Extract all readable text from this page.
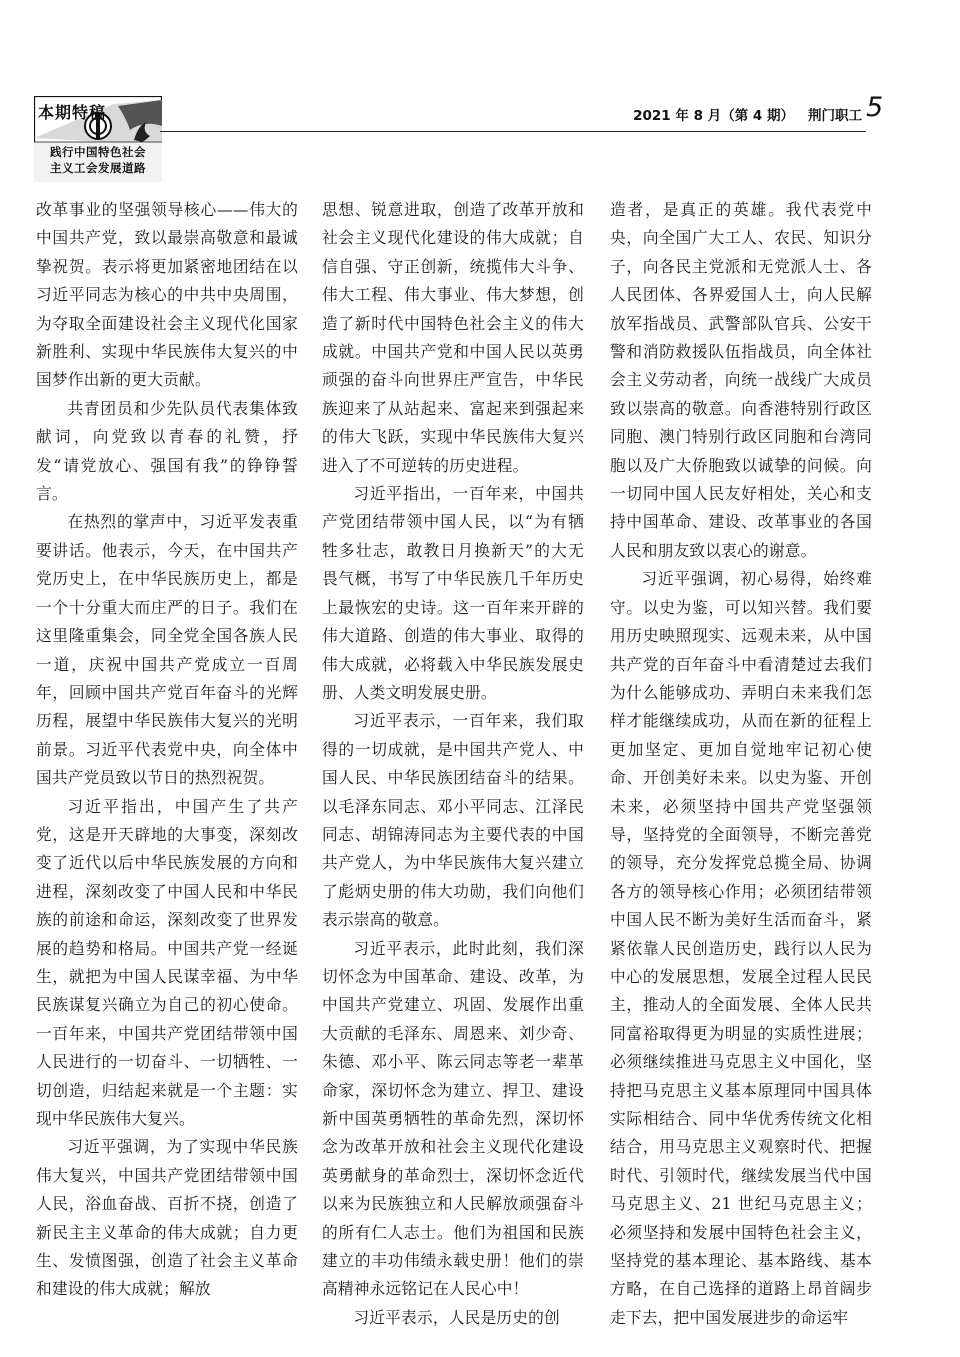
本期特稿
践行中国特色社会
主义工会发展道路
2021 年 8 月（第 4 期） 荆门职工 5

改革事业的坚强领导核心——伟大的中国共产党，致以最崇高敬意和最诚挚祝贺。表示将更加紧密地团结在以习近平同志为核心的中共中央周围，为夺取全面建设社会主义现代化国家新胜利、实现中华民族伟大复兴的中国梦作出新的更大贡献。

共青团员和少先队员代表集体致献词，向党致以青春的礼赞，抒发“请党放心、强国有我”的铮铮誓言。

在热烈的掌声中，习近平发表重要讲话。他表示，今天，在中国共产党历史上，在中华民族历史上，都是一个十分重大而庄严的日子。我们在这里隆重集会，同全党全国各族人民一道，庆祝中国共产党成立一百周年，回顾中国共产党百年奋斗的光辉历程，展望中华民族伟大复兴的光明前景。习近平代表党中央，向全体中国共产党员致以节日的热烈祝贺。

习近平指出，中国产生了共产党，这是开天辟地的大事变，深刻改变了近代以后中华民族发展的方向和进程，深刻改变了中国人民和中华民族的前途和命运，深刻改变了世界发展的趋势和格局。中国共产党一经诞生，就把为中国人民谋幸福、为中华民族谋复兴确立为自己的初心使命。一百年来，中国共产党团结带领中国人民进行的一切奋斗、一切牺牲、一切创造，归结起来就是一个主题：实现中华民族伟大复兴。

习近平强调，为了实现中华民族伟大复兴，中国共产党团结带领中国人民，浴血奋战、百折不挠，创造了新民主主义革命的伟大成就；自力更生、发愤图强，创造了社会主义革命和建设的伟大成就；解放

思想、锐意进取，创造了改革开放和社会主义现代化建设的伟大成就；自信自强、守正创新，统揽伟大斗争、伟大工程、伟大事业、伟大梦想，创造了新时代中国特色社会主义的伟大成就。中国共产党和中国人民以英勇顽强的奋斗向世界庄严宣告，中华民族迎来了从站起来、富起来到强起来的伟大飞跃，实现中华民族伟大复兴进入了不可逆转的历史进程。

习近平指出，一百年来，中国共产党团结带领中国人民，以“为有牺牲多壮志，敢教日月换新天”的大无畏气概，书写了中华民族几千年历史上最恢宏的史诗。这一百年来开辟的伟大道路、创造的伟大事业、取得的伟大成就，必将载入中华民族发展史册、人类文明发展史册。

习近平表示，一百年来，我们取得的一切成就，是中国共产党人、中国人民、中华民族团结奋斗的结果。以毛泽东同志、邓小平同志、江泽民同志、胡锦涛同志为主要代表的中国共产党人，为中华民族伟大复兴建立了彪炳史册的伟大功勋，我们向他们表示崇高的敬意。

习近平表示，此时此刻，我们深切怀念为中国革命、建设、改革，为中国共产党建立、巩固、发展作出重大贡献的毛泽东、周恩来、刘少奇、朱德、邓小平、陈云同志等老一辈革命家，深切怀念为建立、捍卫、建设新中国英勇牺牲的革命先烈，深切怀念为改革开放和社会主义现代化建设英勇献身的革命烈士，深切怀念近代以来为民族独立和人民解放顽强奋斗的所有仁人志士。他们为祖国和民族建立的丰功伟绩永载史册！他们的崇高精神永远铭记在人民心中！

习近平表示，人民是历史的创

造者，是真正的英雄。我代表党中央，向全国广大工人、农民、知识分子，向各民主党派和无党派人士、各人民团体、各界爱国人士，向人民解放军指战员、武警部队官兵、公安干警和消防救援队伍指战员，向全体社会主义劳动者，向统一战线广大成员致以崇高的敬意。向香港特别行政区同胞、澳门特别行政区同胞和台湾同胞以及广大侨胞致以诚挚的问候。向一切同中国人民友好相处，关心和支持中国革命、建设、改革事业的各国人民和朋友致以衷心的谢意。

习近平强调，初心易得，始终难守。以史为鉴，可以知兴替。我们要用历史映照现实、远观未来，从中国共产党的百年奋斗中看清楚过去我们为什么能够成功、弄明白未来我们怎样才能继续成功，从而在新的征程上更加坚定、更加自觉地牢记初心使命、开创美好未来。以史为鉴、开创未来，必须坚持中国共产党坚强领导，坚持党的全面领导，不断完善党的领导，充分发挥党总揽全局、协调各方的领导核心作用；必须团结带领中国人民不断为美好生活而奋斗，紧紧依靠人民创造历史，践行以人民为中心的发展思想，发展全过程人民民主，推动人的全面发展、全体人民共同富裕取得更为明显的实质性进展；必须继续推进马克思主义中国化，坚持把马克思主义基本原理同中国具体实际相结合、同中华优秀传统文化相结合，用马克思主义观察时代、把握时代、引领时代，继续发展当代中国马克思主义、21 世纪马克思主义；必须坚持和发展中国特色社会主义，坚持党的基本理论、基本路线、基本方略，在自己选择的道路上昂首阔步走下去，把中国发展进步的命运牢
